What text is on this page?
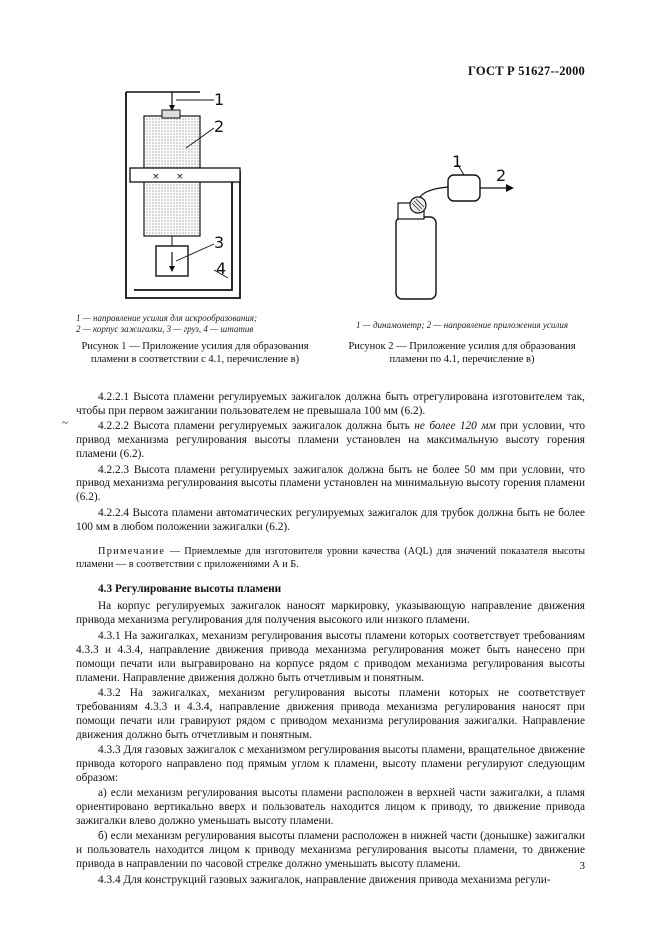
ГОСТ Р 51627--2000
× ×
1
2
3
4
1 — направление усилия для искрообразования;
2 — корпус зажигалки, 3 — груз, 4 — штатив
Рисунок 1 — Приложение усилия для образования пламени в соответствии с 4.1, перечисление в)
1
2
1 — динамометр; 2 — направление приложения усилия
Рисунок 2 — Приложение усилия для образования пламени по 4.1, перечисление в)
~

4.2.2.1 Высота пламени регулируемых зажигалок должна быть отрегулирована изготовителем так, чтобы при первом зажигании пользователем не превышала 100 мм (6.2).

4.2.2.2 Высота пламени регулируемых зажигалок должна быть не более 120 мм при условии, что привод механизма регулирования высоты пламени установлен на максимальную высоту горения пламени (6.2).

4.2.2.3 Высота пламени регулируемых зажигалок должна быть не более 50 мм при условии, что привод механизма регулирования высоты пламени установлен на минимальную высоту горения пламени (6.2).

4.2.2.4 Высота пламени автоматических регулируемых зажигалок для трубок должна быть не более 100 мм в любом положении зажигалки (6.2).

Примечание — Приемлемые для изготовителя уровни качества (AQL) для значений показателя высоты пламени — в соответствии с приложениями А и Б.

4.3 Регулирование высоты пламени

На корпус регулируемых зажигалок наносят маркировку, указывающую направление движения привода механизма регулирования для получения высокого или низкого пламени.

4.3.1 На зажигалках, механизм регулирования высоты пламени которых соответствует требованиям 4.3.3 и 4.3.4, направление движения привода механизма регулирования может быть нанесено при помощи печати или выгравировано на корпусе рядом с приводом механизма регулирования высоты пламени. Направление движения должно быть отчетливым и понятным.

4.3.2 На зажигалках, механизм регулирования высоты пламени которых не соответствует требованиям 4.3.3 и 4.3.4, направление движения привода механизма регулирования наносят при помощи печати или гравируют рядом с приводом механизма регулирования зажигалки. Направление движения должно быть отчетливым и понятным.

4.3.3 Для газовых зажигалок с механизмом регулирования высоты пламени, вращательное движение привода которого направлено под прямым углом к пламени, высоту пламени регулируют следующим образом:

а) если механизм регулирования высоты пламени расположен в верхней части зажигалки, а пламя ориентировано вертикально вверх и пользователь находится лицом к приводу, то движение привода зажигалки влево должно уменьшать высоту пламени.

б) если механизм регулирования высоты пламени расположен в нижней части (донышке) зажигалки и пользователь находится лицом к приводу механизма регулирования высоты пламени, то движение привода в направлении по часовой стрелке должно уменьшать высоту пламени.

4.3.4 Для конструкций газовых зажигалок, направление движения привода механизма регули-

3
